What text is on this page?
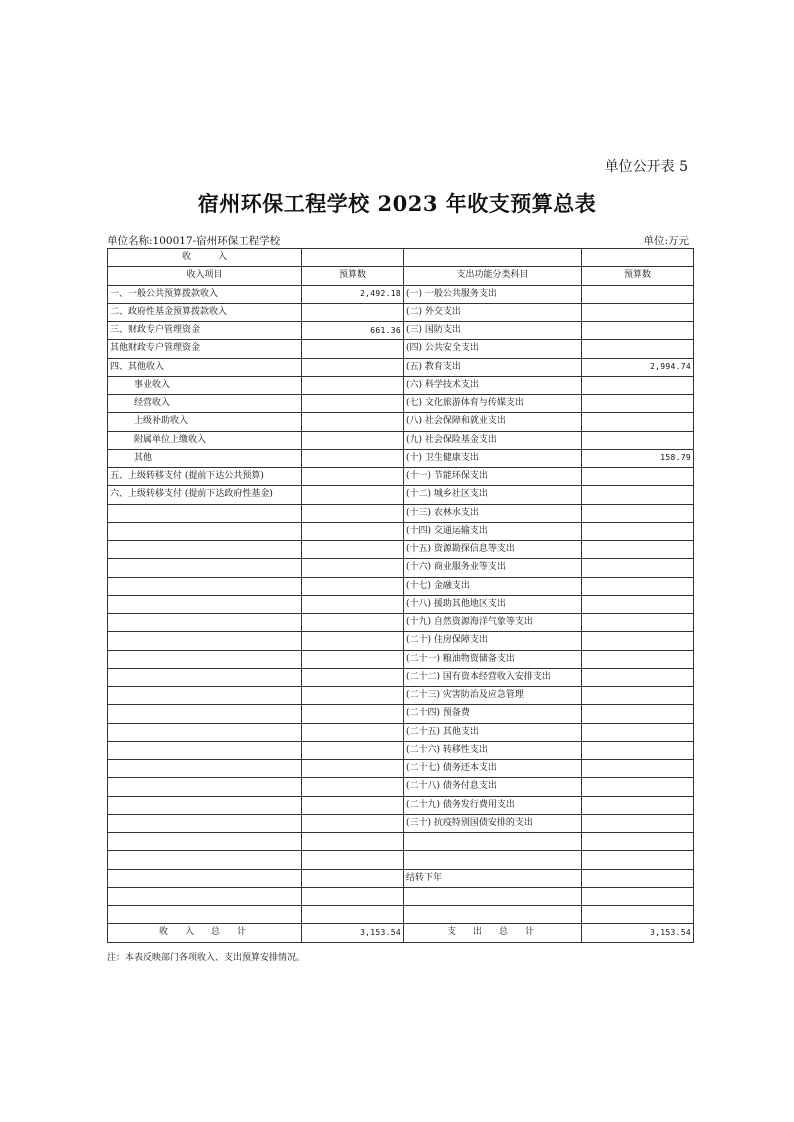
单位公开表 5
宿州环保工程学校 2023 年收支预算总表
单位名称:100017-宿州环保工程学校	单位:万元
收　　　入			
收入项目	预算数	支出功能分类科目	预算数
一、一般公共预算拨款收入	2,492.18	(一) 一般公共服务支出	
二、政府性基金预算拨款收入		(二) 外交支出	
三、财政专户管理资金	661.36	(三) 国防支出	
其他财政专户管理资金		(四) 公共安全支出	
四、其他收入		(五) 教育支出	2,994.74
事业收入		(六) 科学技术支出	
经营收入		(七) 文化旅游体育与传媒支出	
上级补助收入		(八) 社会保障和就业支出	
附属单位上缴收入		(九) 社会保险基金支出	
其他		(十) 卫生健康支出	158.79
五、上级转移支付 (提前下达公共预算)		(十一) 节能环保支出	
六、上级转移支付 (提前下达政府性基金)		(十二) 城乡社区支出	
		(十三) 农林水支出	
		(十四) 交通运输支出	
		(十五) 资源勘探信息等支出	
		(十六) 商业服务业等支出	
		(十七) 金融支出	
		(十八) 援助其他地区支出	
		(十九) 自然资源海洋气象等支出	
		(二十) 住房保障支出	
		(二十一) 粮油物资储备支出	
		(二十二) 国有资本经营收入安排支出	
		(二十三) 灾害防治及应急管理	
		(二十四) 预备费	
		(二十五) 其他支出	
		(二十六) 转移性支出	
		(二十七) 债务还本支出	
		(二十八) 债务付息支出	
		(二十九) 债务发行费用支出	
		(三十) 抗疫特别国债安排的支出	

		结转下年	

收　入　总　计	3,153.54	支　出　总　计	3,153.54
注：本表反映部门各项收入、支出预算安排情况。
